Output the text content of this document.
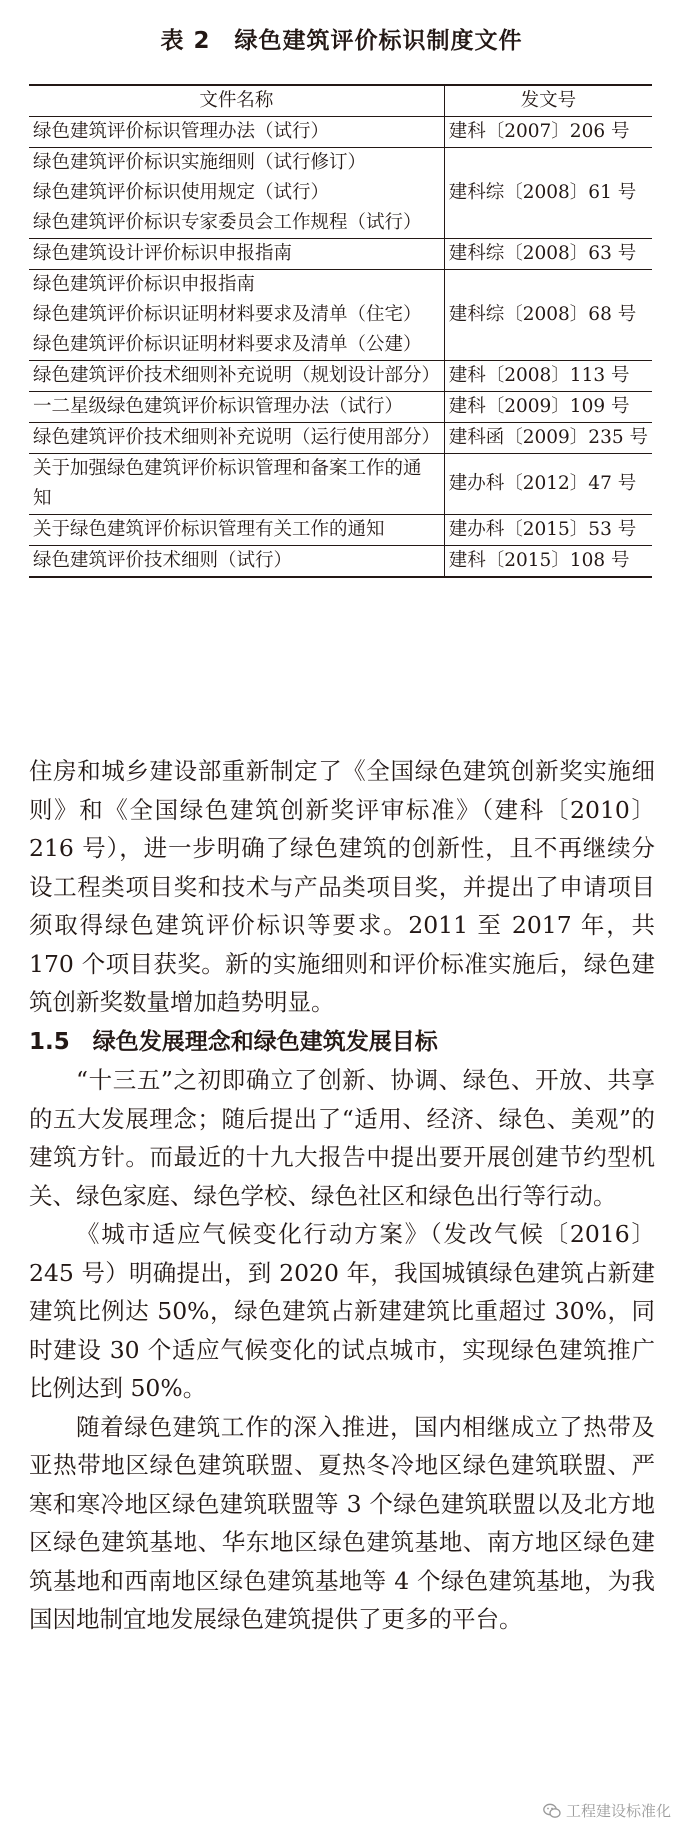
表 2　绿色建筑评价标识制度文件
文件名称	发文号
绿色建筑评价标识管理办法（试行）	建科〔2007〕206 号
绿色建筑评价标识实施细则（试行修订）	建科综〔2008〕61 号
绿色建筑评价标识使用规定（试行）	
绿色建筑评价标识专家委员会工作规程（试行）	
绿色建筑设计评价标识申报指南	建科综〔2008〕63 号
绿色建筑评价标识申报指南	建科综〔2008〕68 号
绿色建筑评价标识证明材料要求及清单（住宅）	
绿色建筑评价标识证明材料要求及清单（公建）	
绿色建筑评价技术细则补充说明（规划设计部分）	建科〔2008〕113 号
一二星级绿色建筑评价标识管理办法（试行）	建科〔2009〕109 号
绿色建筑评价技术细则补充说明（运行使用部分）	建科函〔2009〕235 号
关于加强绿色建筑评价标识管理和备案工作的通知	建办科〔2012〕47 号
关于绿色建筑评价标识管理有关工作的通知	建办科〔2015〕53 号
绿色建筑评价技术细则（试行）	建科〔2015〕108 号

住房和城乡建设部重新制定了《全国绿色建筑创新奖实施细则》和《全国绿色建筑创新奖评审标准》（建科〔2010〕216 号），进一步明确了绿色建筑的创新性，且不再继续分设工程类项目奖和技术与产品类项目奖，并提出了申请项目须取得绿色建筑评价标识等要求。2011 至 2017 年，共 170 个项目获奖。新的实施细则和评价标准实施后，绿色建筑创新奖数量增加趋势明显。

1.5　绿色发展理念和绿色建筑发展目标

“十三五”之初即确立了创新、协调、绿色、开放、共享的五大发展理念；随后提出了“适用、经济、绿色、美观”的建筑方针。而最近的十九大报告中提出要开展创建节约型机关、绿色家庭、绿色学校、绿色社区和绿色出行等行动。

《城市适应气候变化行动方案》（发改气候〔2016〕245 号）明确提出，到 2020 年，我国城镇绿色建筑占新建建筑比例达 50%，绿色建筑占新建建筑比重超过 30%，同时建设 30 个适应气候变化的试点城市，实现绿色建筑推广比例达到 50%。

随着绿色建筑工作的深入推进，国内相继成立了热带及亚热带地区绿色建筑联盟、夏热冬冷地区绿色建筑联盟、严寒和寒冷地区绿色建筑联盟等 3 个绿色建筑联盟以及北方地区绿色建筑基地、华东地区绿色建筑基地、南方地区绿色建筑基地和西南地区绿色建筑基地等 4 个绿色建筑基地，为我国因地制宜地发展绿色建筑提供了更多的平台。

工程建设标准化
